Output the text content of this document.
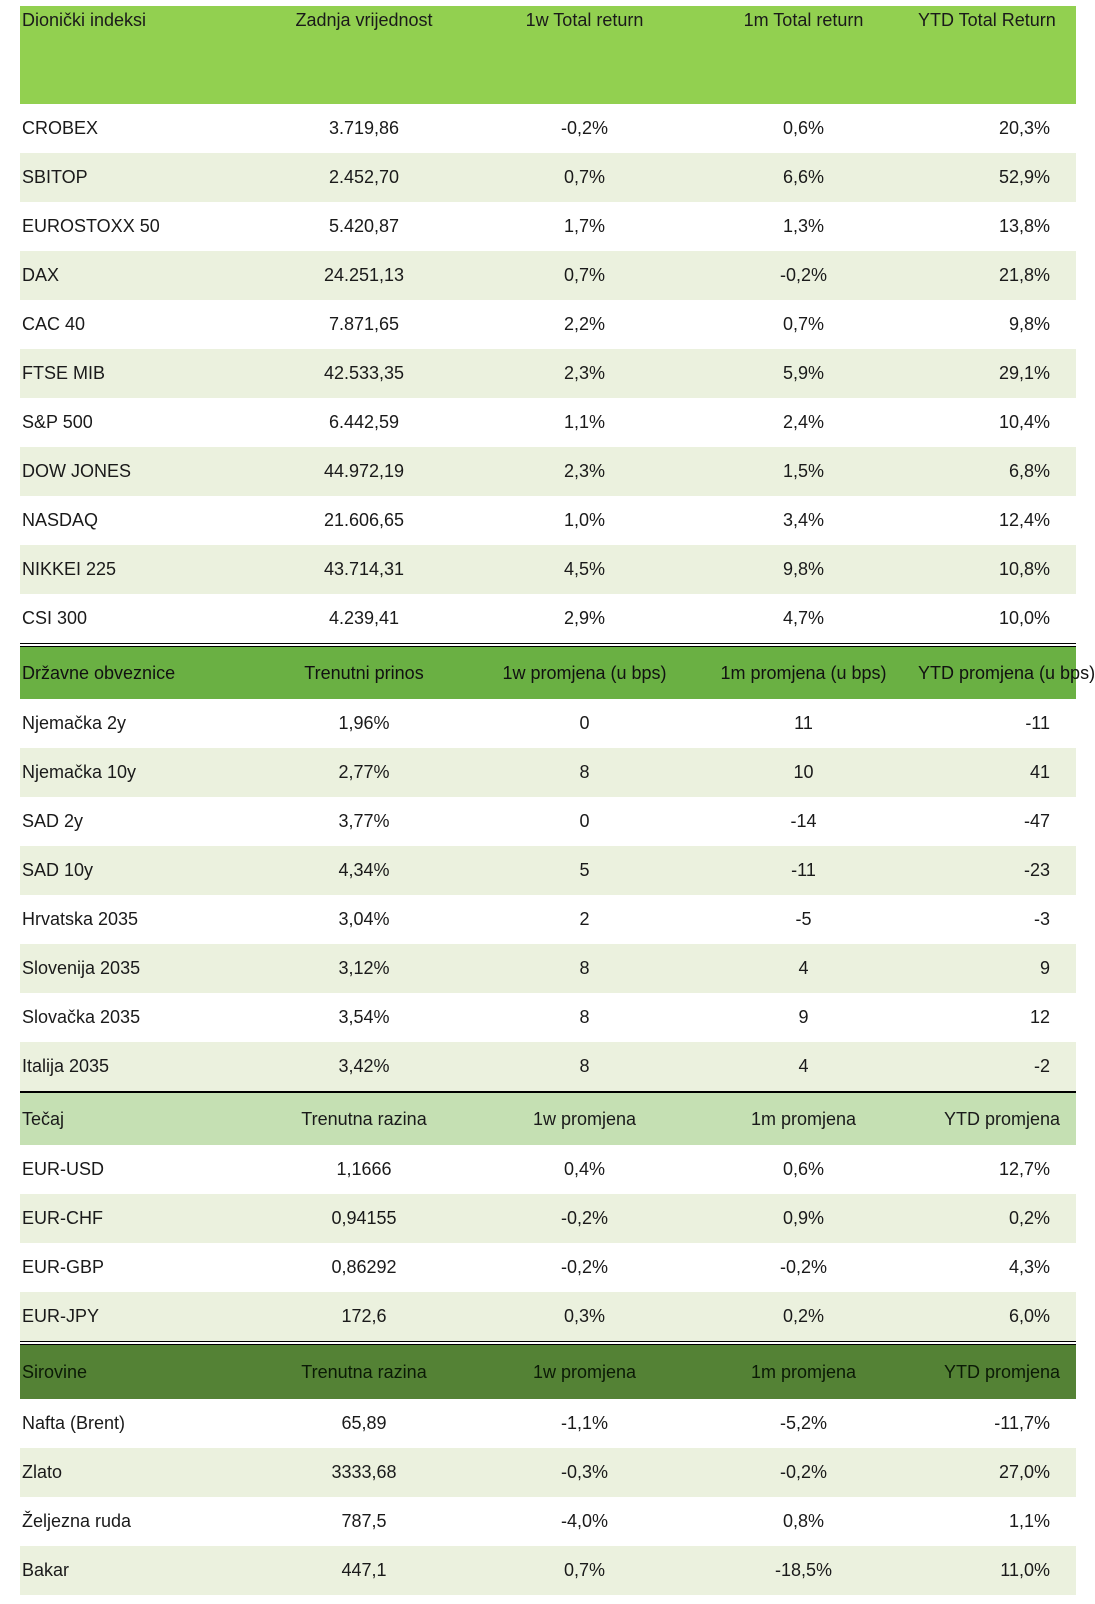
Dionički indeksi	Zadnja vrijednost	1w Total return	1m Total return	YTD Total Return
CROBEX	3.719,86	-0,2%	0,6%	20,3%
SBITOP	2.452,70	0,7%	6,6%	52,9%
EUROSTOXX 50	5.420,87	1,7%	1,3%	13,8%
DAX	24.251,13	0,7%	-0,2%	21,8%
CAC 40	7.871,65	2,2%	0,7%	9,8%
FTSE MIB	42.533,35	2,3%	5,9%	29,1%
S&P 500	6.442,59	1,1%	2,4%	10,4%
DOW JONES	44.972,19	2,3%	1,5%	6,8%
NASDAQ	21.606,65	1,0%	3,4%	12,4%
NIKKEI 225	43.714,31	4,5%	9,8%	10,8%
CSI 300	4.239,41	2,9%	4,7%	10,0%
Državne obveznice	Trenutni prinos	1w promjena (u bps)	1m promjena (u bps)	YTD promjena (u bps)
Njemačka 2y	1,96%	0	11	-11
Njemačka 10y	2,77%	8	10	41
SAD 2y	3,77%	0	-14	-47
SAD 10y	4,34%	5	-11	-23
Hrvatska 2035	3,04%	2	-5	-3
Slovenija 2035	3,12%	8	4	9
Slovačka 2035	3,54%	8	9	12
Italija 2035	3,42%	8	4	-2
Tečaj	Trenutna razina	1w promjena	1m promjena	YTD promjena
EUR-USD	1,1666	0,4%	0,6%	12,7%
EUR-CHF	0,94155	-0,2%	0,9%	0,2%
EUR-GBP	0,86292	-0,2%	-0,2%	4,3%
EUR-JPY	172,6	0,3%	0,2%	6,0%
Sirovine	Trenutna razina	1w promjena	1m promjena	YTD promjena
Nafta (Brent)	65,89	-1,1%	-5,2%	-11,7%
Zlato	3333,68	-0,3%	-0,2%	27,0%
Željezna ruda	787,5	-4,0%	0,8%	1,1%
Bakar	447,1	0,7%	-18,5%	11,0%
